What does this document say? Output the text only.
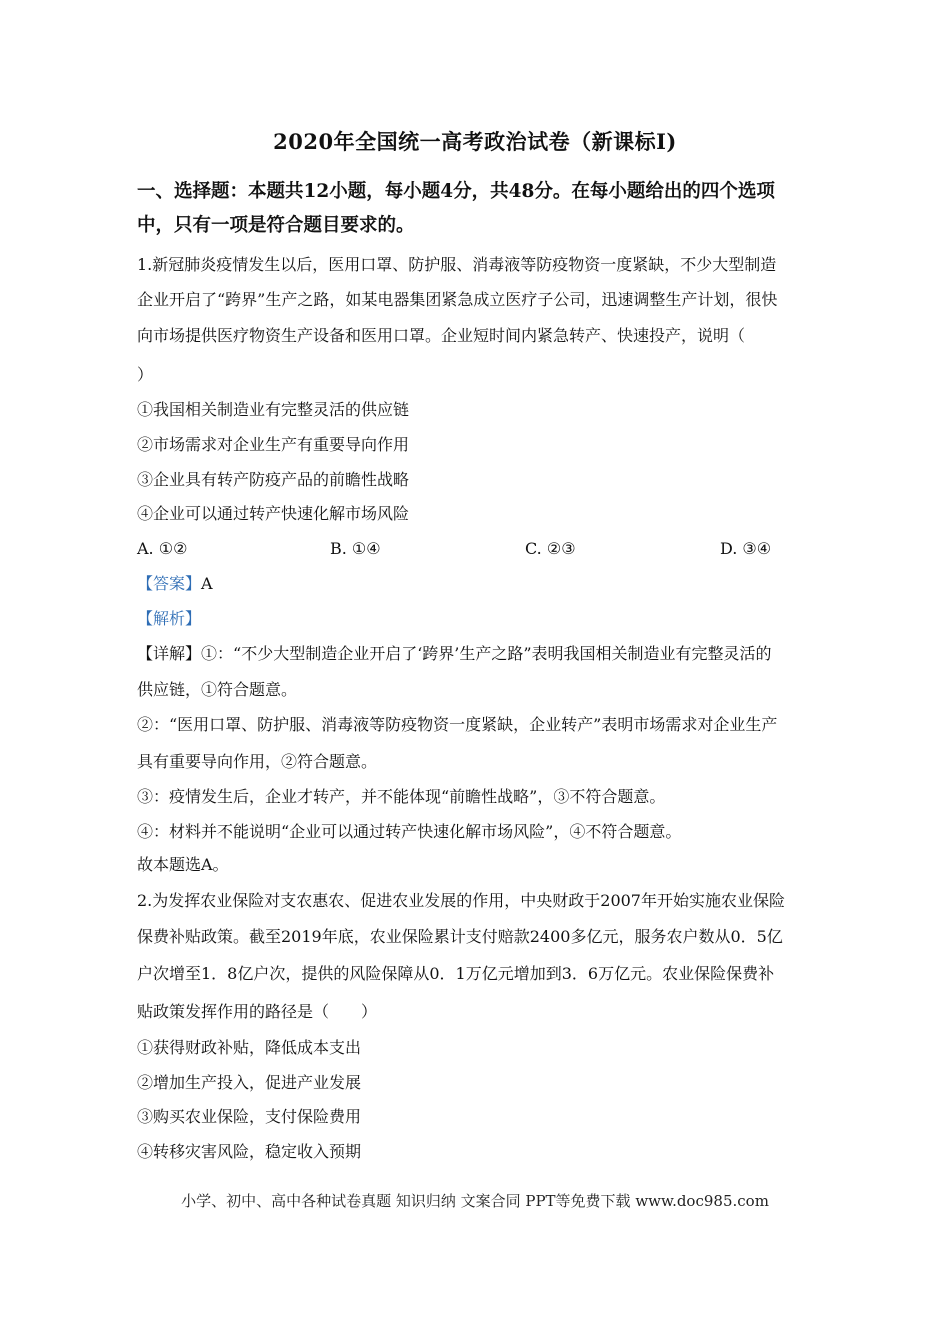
2020年全国统一高考政治试卷（新课标Ⅰ)
一、选择题：本题共12小题，每小题4分，共48分。在每小题给出的四个选项
中，只有一项是符合题目要求的。
1.新冠肺炎疫情发生以后，医用口罩、防护服、消毒液等防疫物资一度紧缺，不少大型制造
企业开启了“跨界”生产之路，如某电器集团紧急成立医疗子公司，迅速调整生产计划，很快
向市场提供医疗物资生产设备和医用口罩。企业短时间内紧急转产、快速投产，说明（
）
①我国相关制造业有完整灵活的供应链
②市场需求对企业生产有重要导向作用
③企业具有转产防疫产品的前瞻性战略
④企业可以通过转产快速化解市场风险
A. ①②	B. ①④	C. ②③	D. ③④
【答案】A
【解析】
【详解】①：“不少大型制造企业开启了‘跨界’生产之路”表明我国相关制造业有完整灵活的
供应链，①符合题意。
②：“医用口罩、防护服、消毒液等防疫物资一度紧缺，企业转产”表明市场需求对企业生产
具有重要导向作用，②符合题意。
③：疫情发生后，企业才转产，并不能体现“前瞻性战略”，③不符合题意。
④：材料并不能说明“企业可以通过转产快速化解市场风险”，④不符合题意。
故本题选A。
2.为发挥农业保险对支农惠农、促进农业发展的作用，中央财政于2007年开始实施农业保险
保费补贴政策。截至2019年底，农业保险累计支付赔款2400多亿元，服务农户数从0．5亿
户次增至1．8亿户次，提供的风险保障从0．1万亿元增加到3．6万亿元。农业保险保费补
贴政策发挥作用的路径是（　　）
①获得财政补贴，降低成本支出
②增加生产投入，促进产业发展
③购买农业保险，支付保险费用
④转移灾害风险，稳定收入预期
小学、初中、高中各种试卷真题 知识归纳 文案合同 PPT等免费下载 www.doc985.com
